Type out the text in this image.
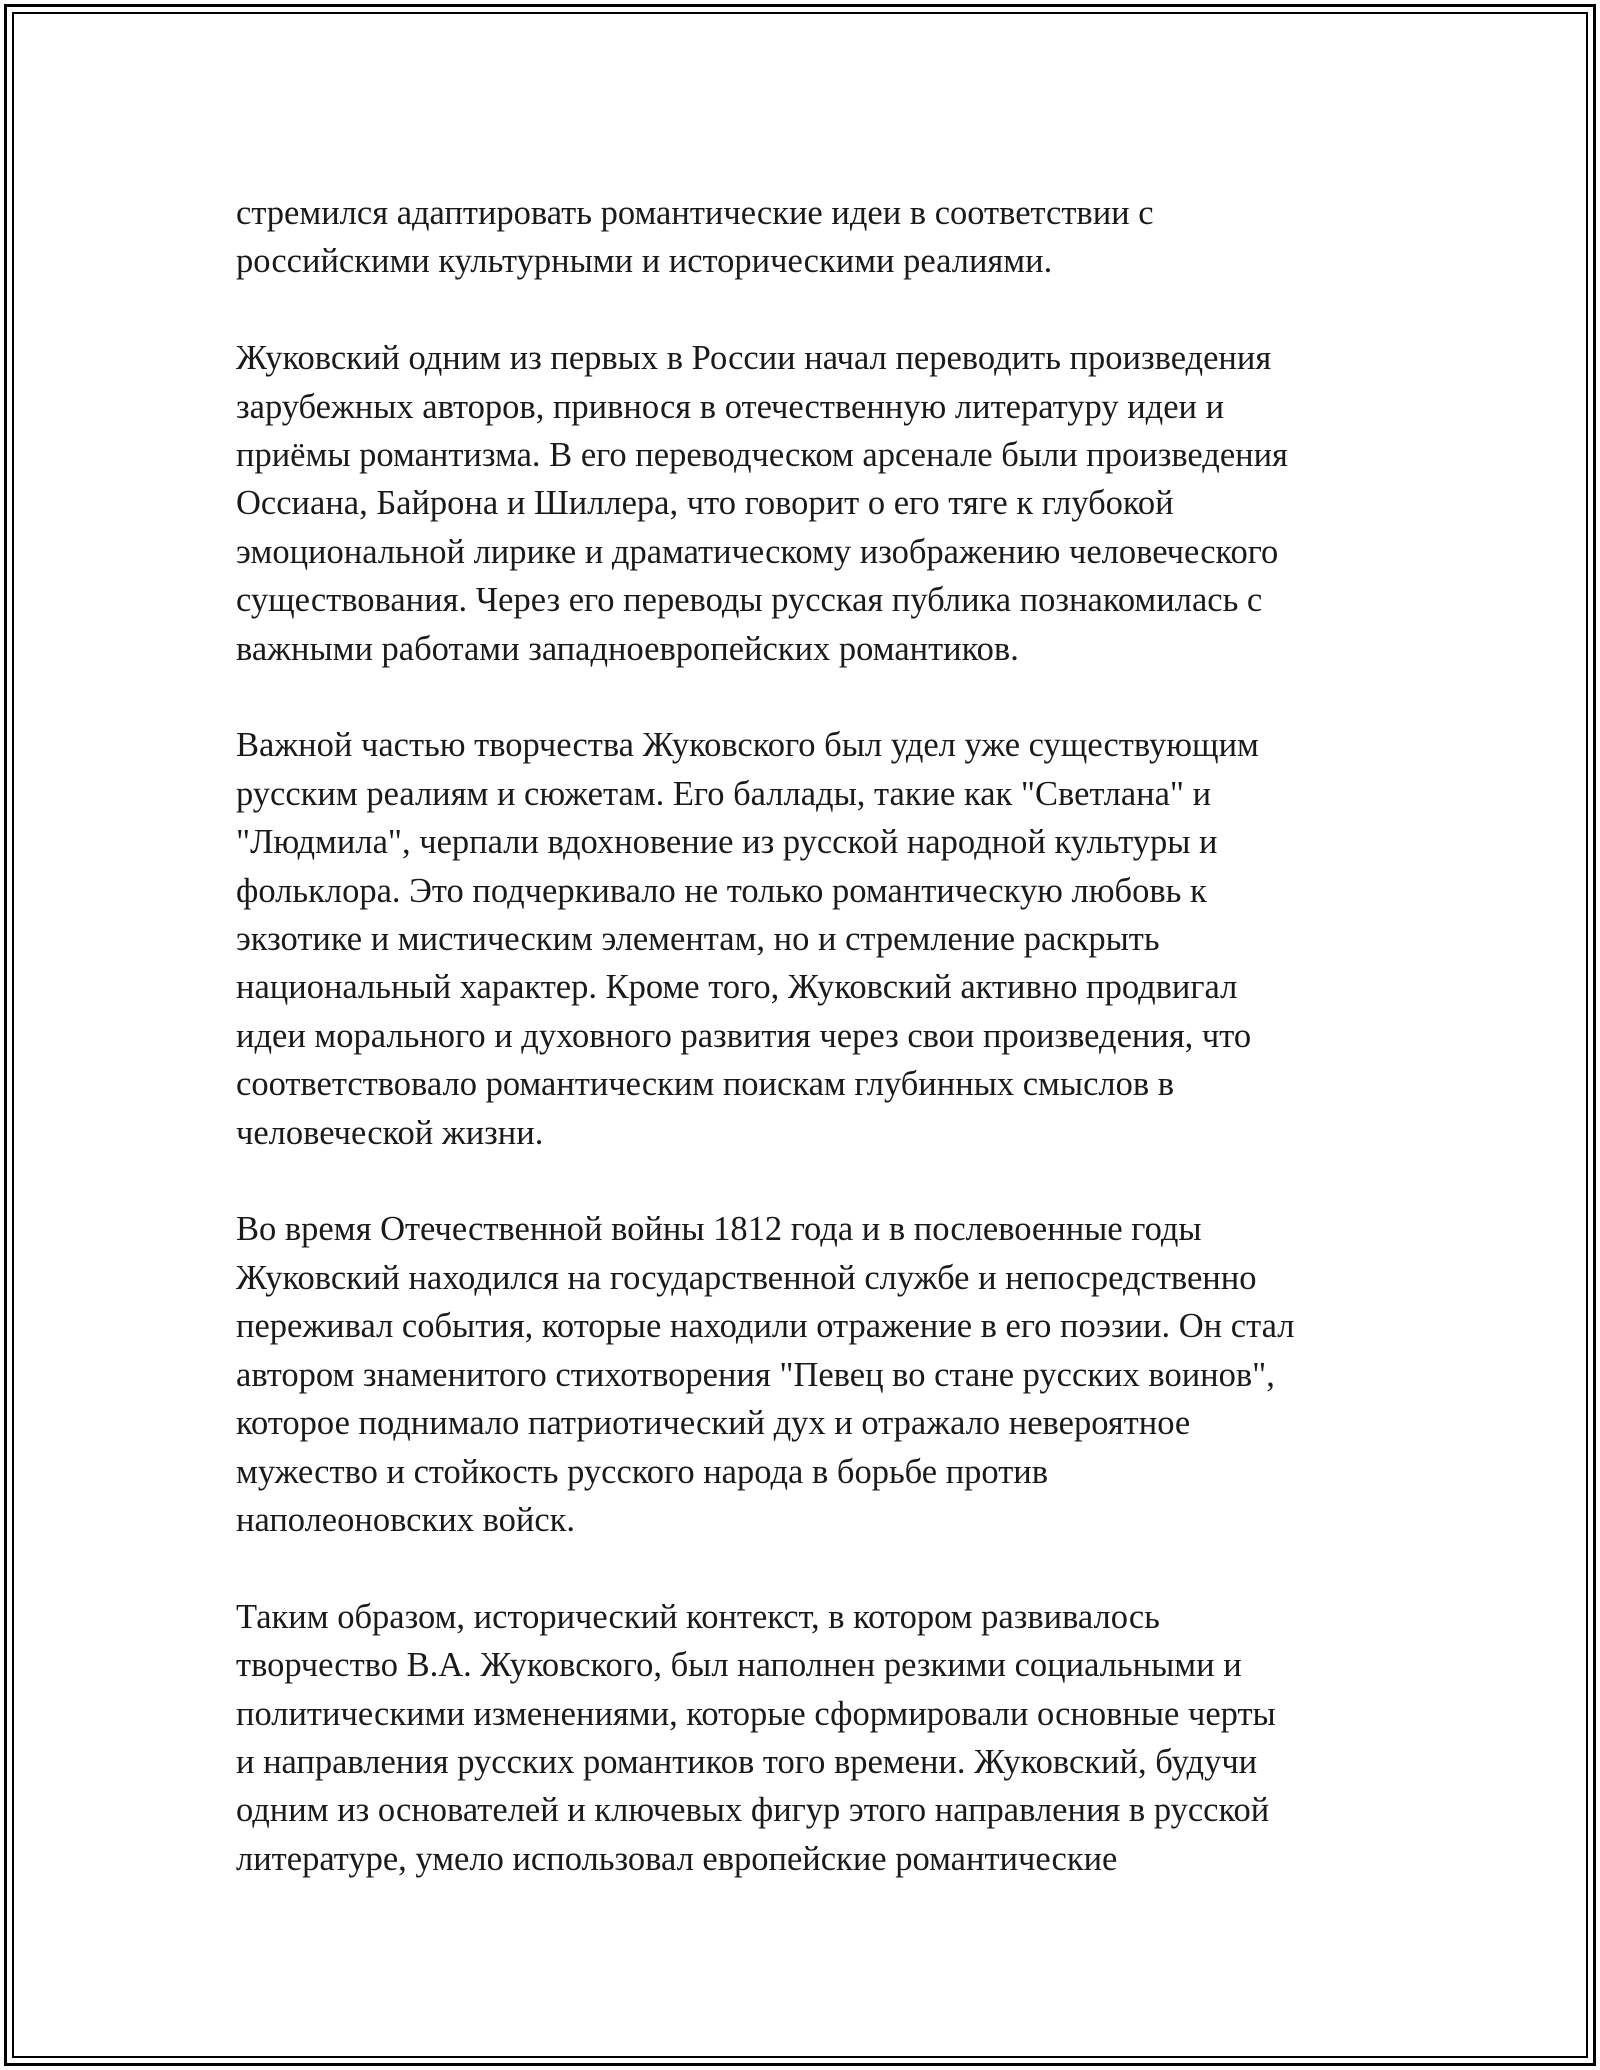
стремился адаптировать романтические идеи в соответствии с
российскими культурными и историческими реалиями.
Жуковский одним из первых в России начал переводить произведения
зарубежных авторов, привнося в отечественную литературу идеи и
приёмы романтизма. В его переводческом арсенале были произведения
Оссиана, Байрона и Шиллера, что говорит о его тяге к глубокой
эмоциональной лирике и драматическому изображению человеческого
существования. Через его переводы русская публика познакомилась с
важными работами западноевропейских романтиков.
Важной частью творчества Жуковского был удел уже существующим
русским реалиям и сюжетам. Его баллады, такие как "Светлана" и
"Людмила", черпали вдохновение из русской народной культуры и
фольклора. Это подчеркивало не только романтическую любовь к
экзотике и мистическим элементам, но и стремление раскрыть
национальный характер. Кроме того, Жуковский активно продвигал
идеи морального и духовного развития через свои произведения, что
соответствовало романтическим поискам глубинных смыслов в
человеческой жизни.
Во время Отечественной войны 1812 года и в послевоенные годы
Жуковский находился на государственной службе и непосредственно
переживал события, которые находили отражение в его поэзии. Он стал
автором знаменитого стихотворения "Певец во стане русских воинов",
которое поднимало патриотический дух и отражало невероятное
мужество и стойкость русского народа в борьбе против
наполеоновских войск.
Таким образом, исторический контекст, в котором развивалось
творчество В.А. Жуковского, был наполнен резкими социальными и
политическими изменениями, которые сформировали основные черты
и направления русских романтиков того времени. Жуковский, будучи
одним из основателей и ключевых фигур этого направления в русской
литературе, умело использовал европейские романтические
